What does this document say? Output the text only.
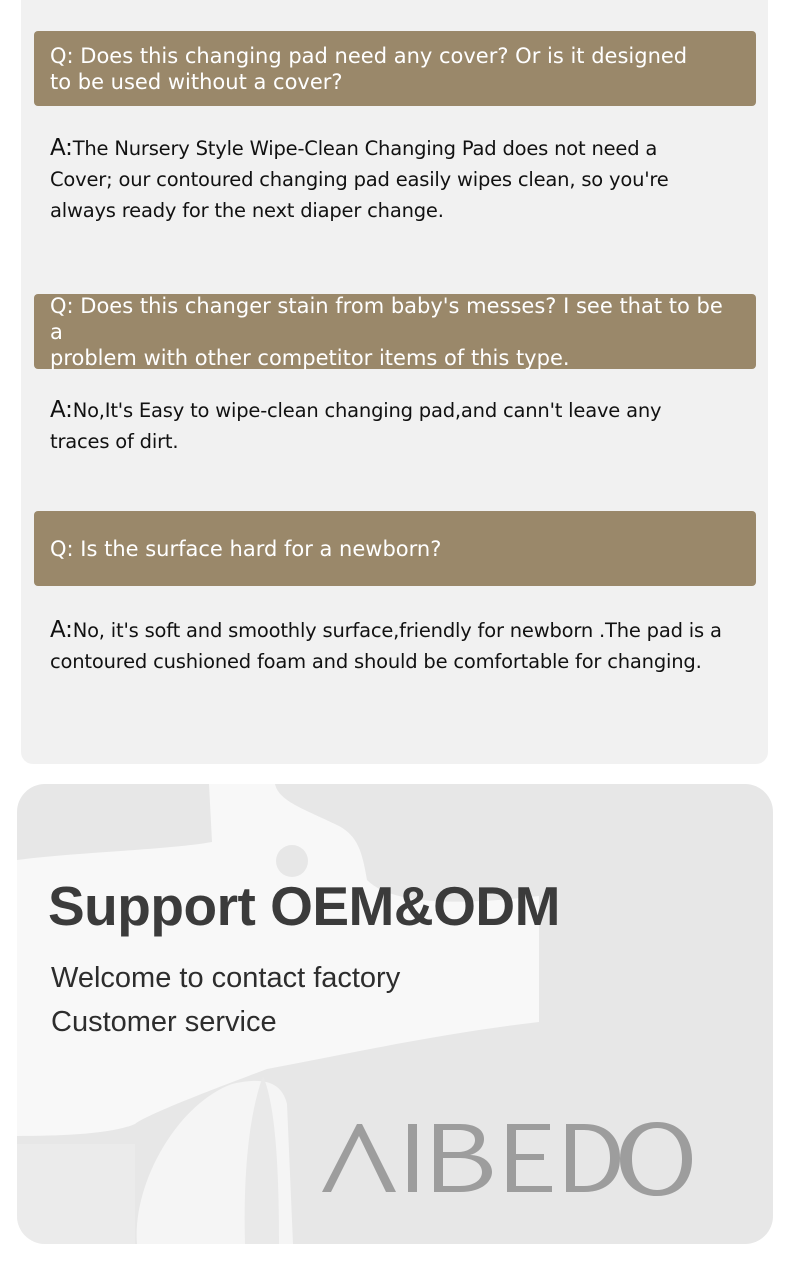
Q: Does this changing pad need any cover? Or is it designed
to be used without a cover?
A:The Nursery Style Wipe-Clean Changing Pad does not need a
Cover; our contoured changing pad easily wipes clean, so you're
always ready for the next diaper change.
Q: Does this changer stain from baby's messes? I see that to be a
problem with other competitor items of this type.
A:No,It's Easy to wipe-clean changing pad,and cann't leave any
traces of dirt.
Q: Is the surface hard for a newborn?
A:No, it's soft and smoothly surface,friendly for newborn .The pad is a
contoured cushioned foam and should be comfortable for changing.
Support OEM&ODM
Welcome to contact factory
Customer service
